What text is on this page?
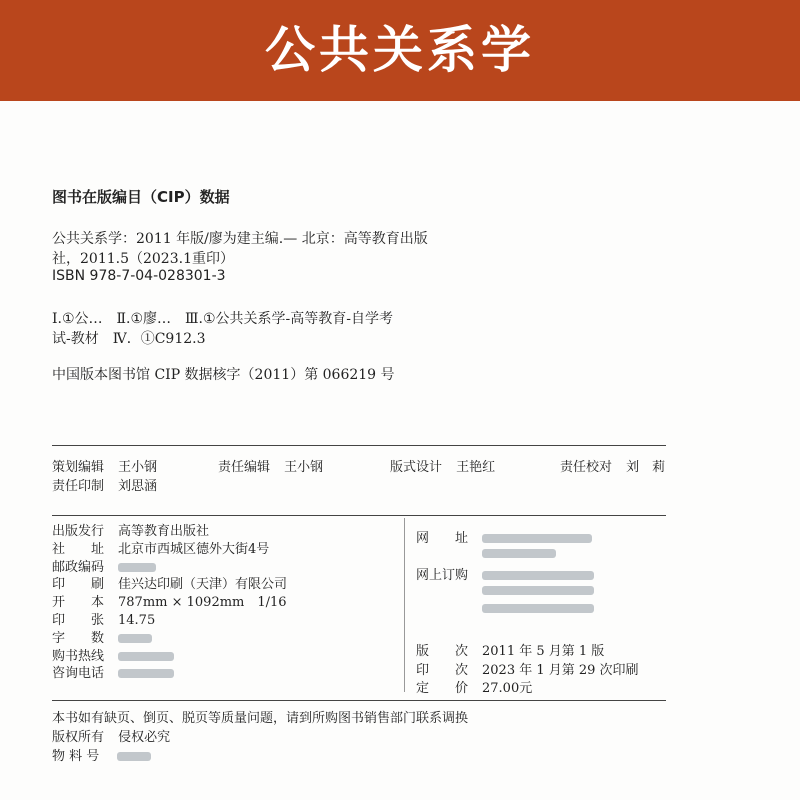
公共关系学
图书在版编目（CIP）数据
公共关系学：2011 年版/廖为建主编.— 北京：高等教育出版
社，2011.5（2023.1重印）
ISBN 978-7-04-028301-3
Ⅰ.①公…　Ⅱ.①廖…　Ⅲ.①公共关系学-高等教育-自学考
试-教材　Ⅳ．①C912.3
中国版本图书馆 CIP 数据核字（2011）第 066219 号
策划编辑 王小钢	责任编辑 王小钢	版式设计 王艳红	责任校对 刘　莉
责任印制 刘思涵
本书如有缺页、倒页、脱页等质量问题，请到所购图书销售部门联系调换
版权所有 侵权必究
物 料 号
出版发行 高等教育出版社
社　　址 北京市西城区德外大街4号
邮政编码
印　　刷 佳兴达印刷（天津）有限公司
开　　本 787mm × 1092mm　1/16
印　　张 14.75
字　　数
购书热线
咨询电话
网　　址
网上订购
版　　次 2011 年 5 月第 1 版
印　　次 2023 年 1 月第 29 次印刷
定　　价 27.00元
